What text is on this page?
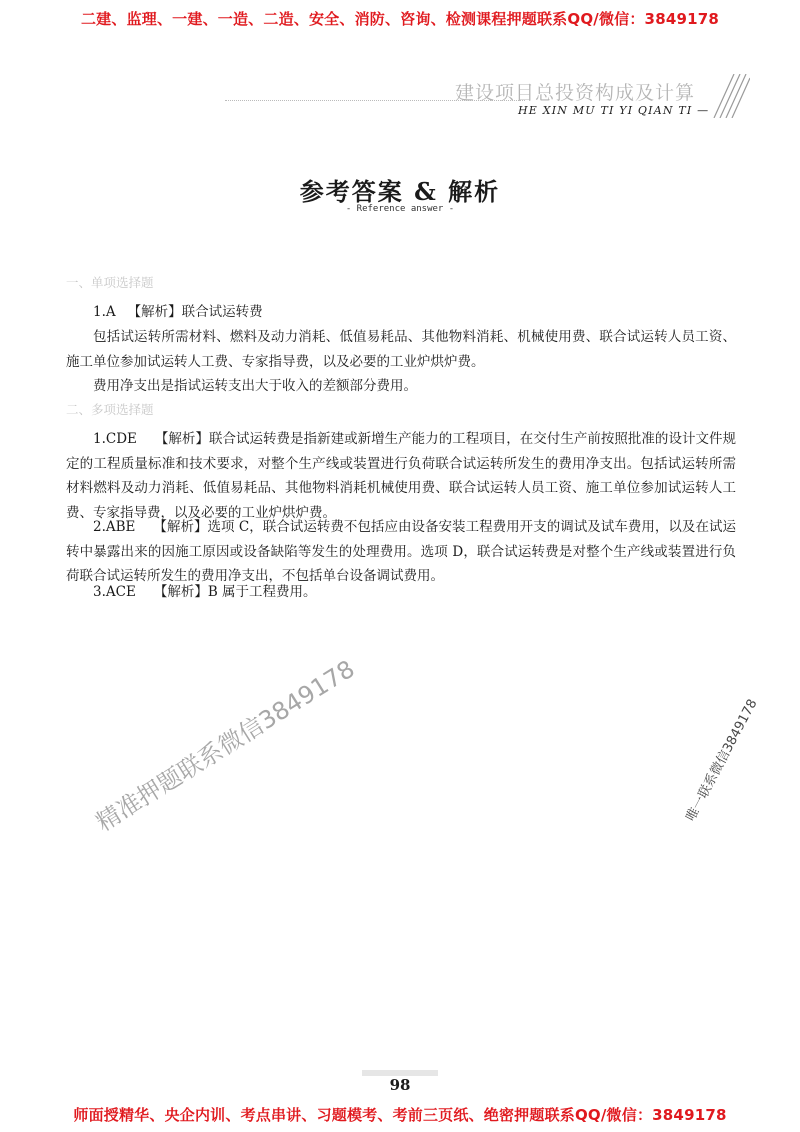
二建、监理、一建、一造、二造、安全、消防、咨询、检测课程押题联系QQ/微信：3849178
建设项目总投资构成及计算
HE XIN MU TI YI QIAN TI —
参考答案 & 解析
- Reference answer -
一、单项选择题
1.A 【解析】联合试运转费
包括试运转所需材料、燃料及动力消耗、低值易耗品、其他物料消耗、机械使用费、联合试运转人员工资、施工单位参加试运转人工费、专家指导费，以及必要的工业炉烘炉费。
费用净支出是指试运转支出大于收入的差额部分费用。
二、多项选择题
1.CDE 【解析】联合试运转费是指新建或新增生产能力的工程项目，在交付生产前按照批准的设计文件规定的工程质量标准和技术要求，对整个生产线或装置进行负荷联合试运转所发生的费用净支出。包括试运转所需材料燃料及动力消耗、低值易耗品、其他物料消耗机械使用费、联合试运转人员工资、施工单位参加试运转人工费、专家指导费，以及必要的工业炉烘炉费。
2.ABE 【解析】选项 C，联合试运转费不包括应由设备安装工程费用开支的调试及试车费用，以及在试运转中暴露出来的因施工原因或设备缺陷等发生的处理费用。选项 D，联合试运转费是对整个生产线或装置进行负荷联合试运转所发生的费用净支出，不包括单台设备调试费用。
3.ACE 【解析】B 属于工程费用。
精准押题联系微信3849178	唯一联系微信3849178
98
师面授精华、央企内训、考点串讲、习题模考、考前三页纸、绝密押题联系QQ/微信：3849178
